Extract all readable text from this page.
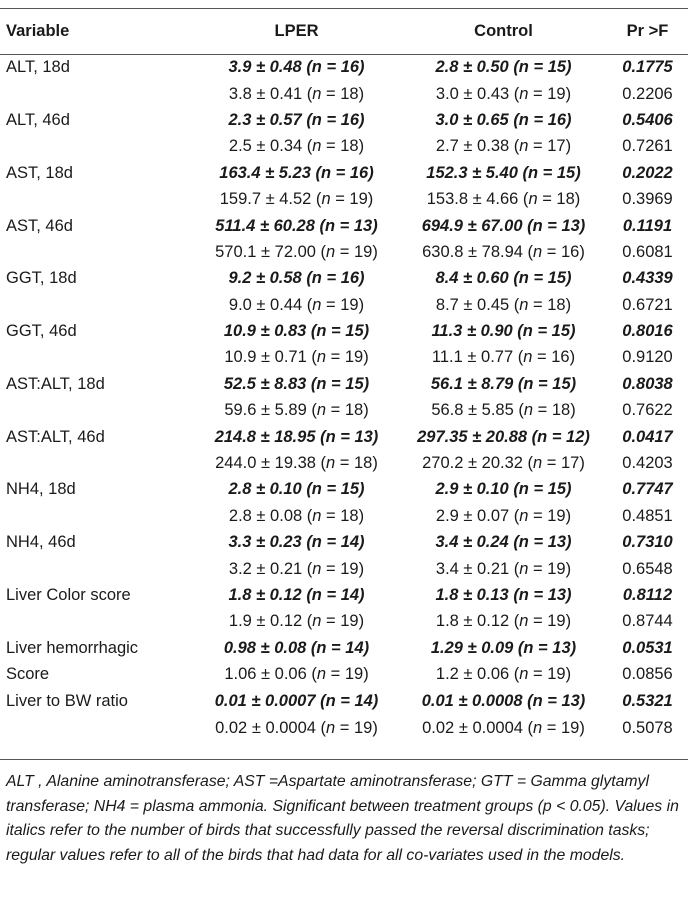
Variable	LPER	Control	Pr >F
ALT, 18d	3.9 ± 0.48 (n = 16)	2.8 ± 0.50 (n = 15)	0.1775
	3.8 ± 0.41 (n = 18)	3.0 ± 0.43 (n = 19)	0.2206
ALT, 46d	2.3 ± 0.57 (n = 16)	3.0 ± 0.65 (n = 16)	0.5406
	2.5 ± 0.34 (n = 18)	2.7 ± 0.38 (n = 17)	0.7261
AST, 18d	163.4 ± 5.23 (n = 16)	152.3 ± 5.40 (n = 15)	0.2022
	159.7 ± 4.52 (n = 19)	153.8 ± 4.66 (n = 18)	0.3969
AST, 46d	511.4 ± 60.28 (n = 13)	694.9 ± 67.00 (n = 13)	0.1191
	570.1 ± 72.00 (n = 19)	630.8 ± 78.94 (n = 16)	0.6081
GGT, 18d	9.2 ± 0.58 (n = 16)	8.4 ± 0.60 (n = 15)	0.4339
	9.0 ± 0.44 (n = 19)	8.7 ± 0.45 (n = 18)	0.6721
GGT, 46d	10.9 ± 0.83 (n = 15)	11.3 ± 0.90 (n = 15)	0.8016
	10.9 ± 0.71 (n = 19)	11.1 ± 0.77 (n = 16)	0.9120
AST:ALT, 18d	52.5 ± 8.83 (n = 15)	56.1 ± 8.79 (n = 15)	0.8038
	59.6 ± 5.89 (n = 18)	56.8 ± 5.85 (n = 18)	0.7622
AST:ALT, 46d	214.8 ± 18.95 (n = 13)	297.35 ± 20.88 (n = 12)	0.0417
	244.0 ± 19.38 (n = 18)	270.2 ± 20.32 (n = 17)	0.4203
NH4, 18d	2.8 ± 0.10 (n = 15)	2.9 ± 0.10 (n = 15)	0.7747
	2.8 ± 0.08 (n = 18)	2.9 ± 0.07 (n = 19)	0.4851
NH4, 46d	3.3 ± 0.23 (n = 14)	3.4 ± 0.24 (n = 13)	0.7310
	3.2 ± 0.21 (n = 19)	3.4 ± 0.21 (n = 19)	0.6548
Liver Color score	1.8 ± 0.12 (n = 14)	1.8 ± 0.13 (n = 13)	0.8112
	1.9 ± 0.12 (n = 19)	1.8 ± 0.12 (n = 19)	0.8744
Liver hemorrhagic	0.98 ± 0.08 (n = 14)	1.29 ± 0.09 (n = 13)	0.0531
Score	1.06 ± 0.06 (n = 19)	1.2 ± 0.06 (n = 19)	0.0856
Liver to BW ratio	0.01 ± 0.0007 (n = 14)	0.01 ± 0.0008 (n = 13)	0.5321
	0.02 ± 0.0004 (n = 19)	0.02 ± 0.0004 (n = 19)	0.5078
ALT , Alanine aminotransferase; AST =Aspartate aminotransferase; GTT = Gamma glytamyl transferase; NH4 = plasma ammonia. Significant between treatment groups (p < 0.05). Values in italics refer to the number of birds that successfully passed the reversal discrimination tasks; regular values refer to all of the birds that had data for all co-variates used in the models.
